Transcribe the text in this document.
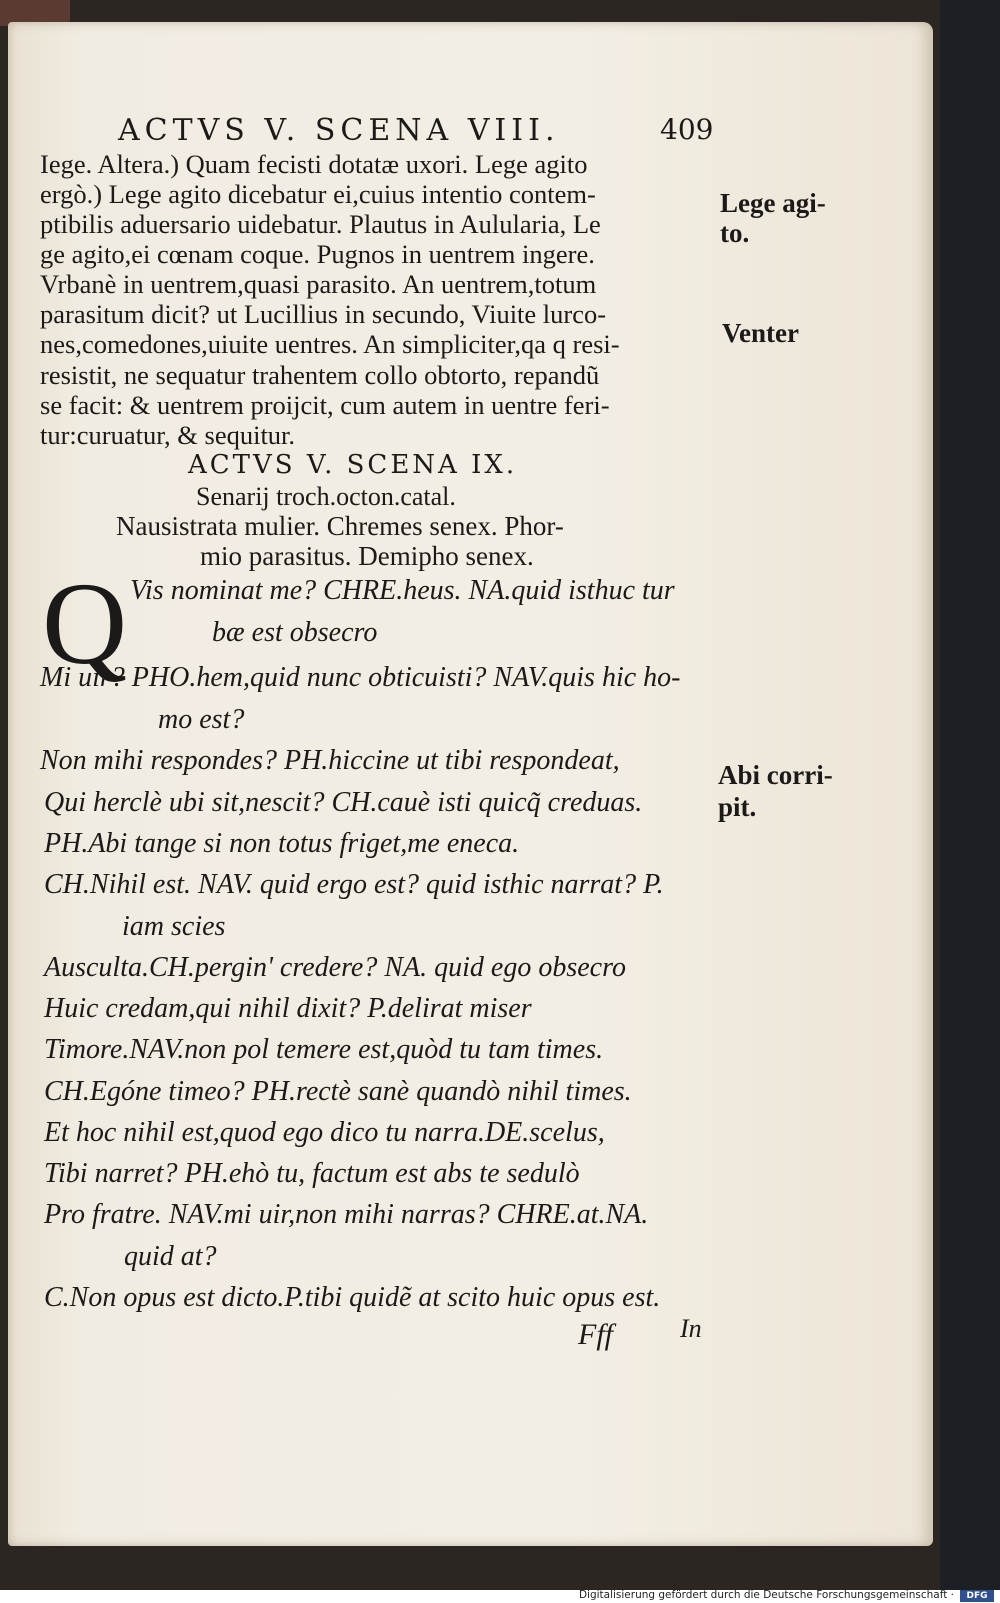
ACTVS V. SCENA VIII.	409
Iege. Altera.) Quam fecisti dotatæ uxori. Lege agito
ergò.) Lege agito dicebatur ei,cuius intentio contem-
ptibilis aduersario uidebatur. Plautus in Aulularia, Le
ge agito,ei cœnam coque. Pugnos in uentrem ingere.
Vrbanè in uentrem,quasi parasito. An uentrem,totum
parasitum dicit? ut Lucillius in secundo, Viuite lurco-
nes,comedones,uiuite uentres. An simpliciter,qa q resi-
resistit, ne sequatur trahentem collo obtorto, repandũ
se facit: & uentrem proijcit, cum autem in uentre feri-
tur:curuatur, & sequitur.
ACTVS V. SCENA IX.
Senarij troch.octon.catal.
Nausistrata mulier. Chremes senex. Phor-
mio parasitus. Demipho senex.
Q Vis nominat me? CHRE.heus. NA.quid isthuc tur
bæ est obsecro
Mi uir? PHO.hem,quid nunc obticuisti? NAV.quis hic ho-
mo est?
Non mihi respondes? PH.hiccine ut tibi respondeat,
Qui herclè ubi sit,nescit? CH.cauè isti quicq̃ creduas.
PH.Abi tange si non totus friget,me eneca.
CH.Nihil est. NAV. quid ergo est? quid isthic narrat? P.
iam scies
Ausculta.CH.pergin' credere? NA. quid ego obsecro
Huic credam,qui nihil dixit? P.delirat miser
Timore.NAV.non pol temere est,quòd tu tam times.
CH.Egóne timeo? PH.rectè sanè quandò nihil times.
Et hoc nihil est,quod ego dico tu narra.DE.scelus,
Tibi narret? PH.ehò tu, factum est abs te sedulò
Pro fratre. NAV.mi uir,non mihi narras? CHRE.at.NA.
quid at?
C.Non opus est dicto.P.tibi quidẽ at scito huic opus est.
Fff	In
Lege agi-
to.
Venter
Abi corri-
pit.
Digitalisierung gefördert durch die Deutsche Forschungsgemeinschaft ·	DFG
